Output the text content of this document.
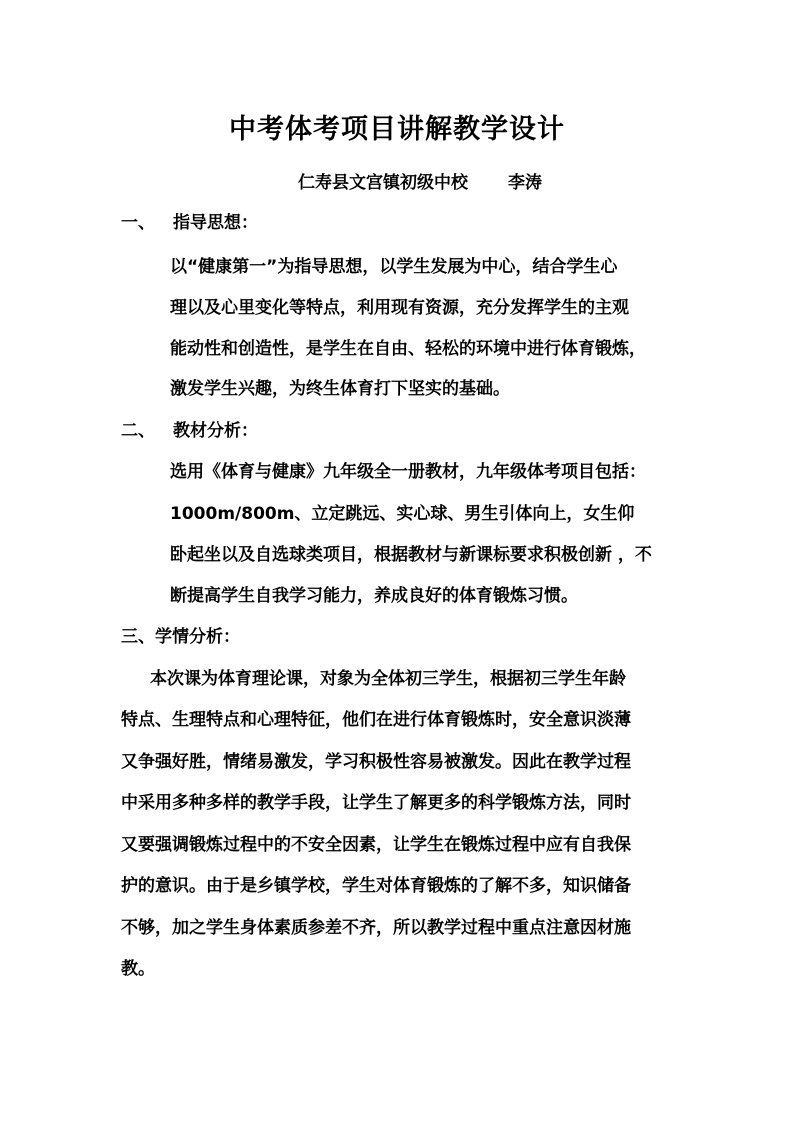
中考体考项目讲解教学设计
仁寿县文宫镇初级中校 李涛
一、 指导思想：
以“健康第一”为指导思想，以学生发展为中心，结合学生心
理以及心里变化等特点，利用现有资源，充分发挥学生的主观
能动性和创造性，是学生在自由、轻松的环境中进行体育锻炼，
激发学生兴趣，为终生体育打下坚实的基础。
二、 教材分析：
选用《体育与健康》九年级全一册教材，九年级体考项目包括：
1000m/800m、立定跳远、实心球、男生引体向上，女生仰
卧起坐以及自选球类项目，根据教材与新课标要求积极创新 ，不
断提高学生自我学习能力，养成良好的体育锻炼习惯。
三、学情分析：
本次课为体育理论课，对象为全体初三学生，根据初三学生年龄
特点、生理特点和心理特征，他们在进行体育锻炼时，安全意识淡薄
又争强好胜，情绪易激发，学习积极性容易被激发。因此在教学过程
中采用多种多样的教学手段，让学生了解更多的科学锻炼方法，同时
又要强调锻炼过程中的不安全因素，让学生在锻炼过程中应有自我保
护的意识。由于是乡镇学校，学生对体育锻炼的了解不多，知识储备
不够，加之学生身体素质参差不齐，所以教学过程中重点注意因材施
教。
